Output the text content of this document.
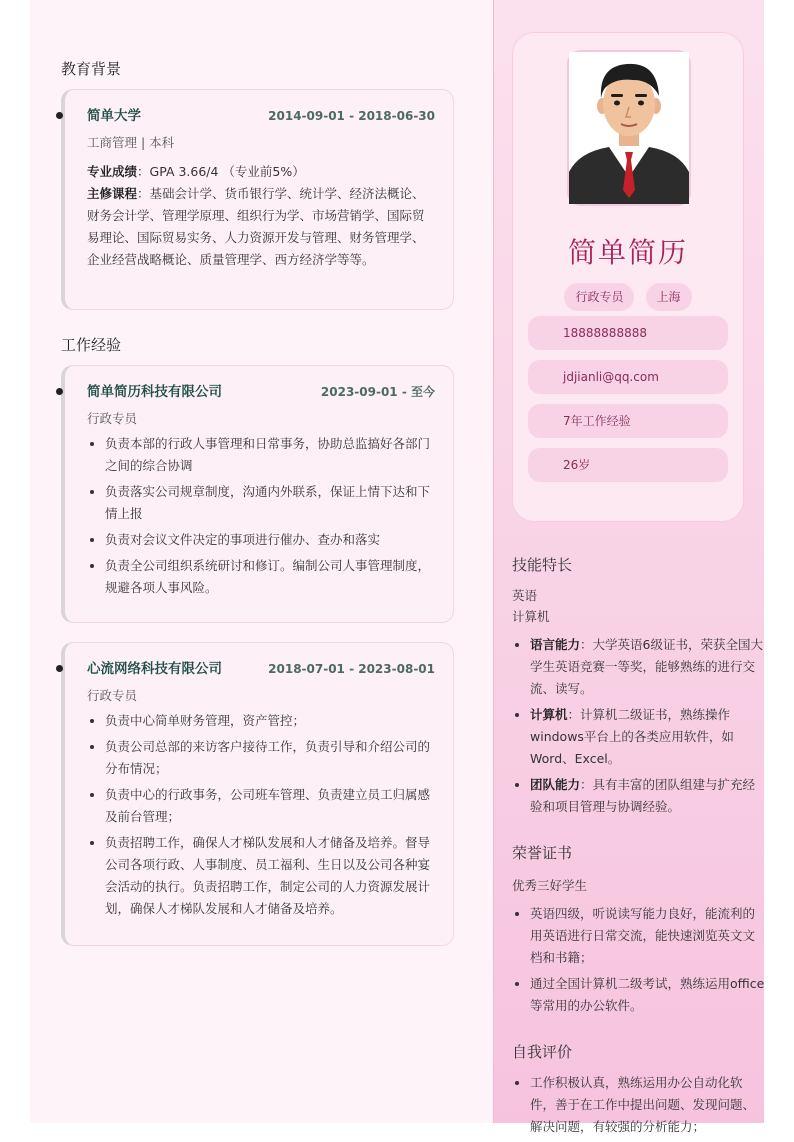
教育背景
简单大学	2014-09-01 - 2018-06-30
工商管理 | 本科
专业成绩：GPA 3.66/4 （专业前5%）
主修课程：基础会计学、货币银行学、统计学、经济法概论、财务会计学、管理学原理、组织行为学、市场营销学、国际贸易理论、国际贸易实务、人力资源开发与管理、财务管理学、企业经营战略概论、质量管理学、西方经济学等等。
工作经验
简单简历科技有限公司	2023-09-01 - 至今
行政专员
• 负责本部的行政人事管理和日常事务，协助总监搞好各部门之间的综合协调
• 负责落实公司规章制度，沟通内外联系，保证上情下达和下情上报
• 负责对会议文件决定的事项进行催办、查办和落实
• 负责全公司组织系统研讨和修订。编制公司人事管理制度，规避各项人事风险。
心流网络科技有限公司	2018-07-01 - 2023-08-01
行政专员
• 负责中心简单财务管理，资产管控；
• 负责公司总部的来访客户接待工作，负责引导和介绍公司的分布情况；
• 负责中心的行政事务，公司班车管理、负责建立员工归属感及前台管理；
• 负责招聘工作，确保人才梯队发展和人才储备及培养。督导公司各项行政、人事制度、员工福利、生日以及公司各种宴会活动的执行。负责招聘工作，制定公司的人力资源发展计划，确保人才梯队发展和人才储备及培养。
简单简历
行政专员	上海
18888888888
jdjianli@qq.com
7年工作经验
26岁
技能特长
英语
计算机
• 语言能力：大学英语6级证书，荣获全国大学生英语竞赛一等奖，能够熟练的进行交流、读写。
• 计算机：计算机二级证书，熟练操作windows平台上的各类应用软件，如Word、Excel。
• 团队能力：具有丰富的团队组建与扩充经验和项目管理与协调经验。
荣誉证书
优秀三好学生
• 英语四级，听说读写能力良好，能流利的用英语进行日常交流，能快速浏览英文文档和书籍；
• 通过全国计算机二级考试，熟练运用office等常用的办公软件。
自我评价
• 工作积极认真，熟练运用办公自动化软件，善于在工作中提出问题、发现问题、解决问题，有较强的分析能力；
